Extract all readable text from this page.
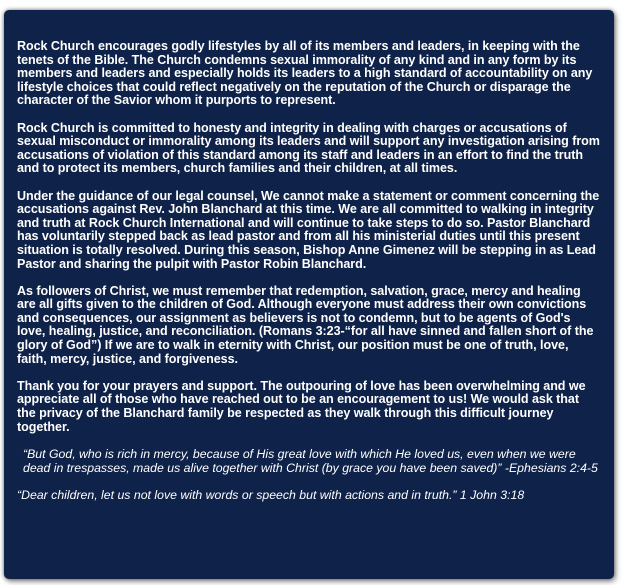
Rock Church encourages godly lifestyles by all of its members and leaders, in keeping with the tenets of the Bible. The Church condemns sexual immorality of any kind and in any form by its members and leaders and especially holds its leaders to a high standard of accountability on any lifestyle choices that could reflect negatively on the reputation of the Church or disparage the character of the Savior whom it purports to represent.

Rock Church is committed to honesty and integrity in dealing with charges or accusations of sexual misconduct or immorality among its leaders and will support any investigation arising from accusations of violation of this standard among its staff and leaders in an effort to find the truth and to protect its members, church families and their children, at all times.

Under the guidance of our legal counsel, We cannot make a statement or comment concerning the accusations against Rev. John Blanchard at this time. We are all committed to walking in integrity and truth at Rock Church International and will continue to take steps to do so. Pastor Blanchard has voluntarily stepped back as lead pastor and from all his ministerial duties until this present situation is totally resolved. During this season, Bishop Anne Gimenez will be stepping in as Lead Pastor and sharing the pulpit with Pastor Robin Blanchard.

As followers of Christ, we must remember that redemption, salvation, grace, mercy and healing are all gifts given to the children of God. Although everyone must address their own convictions and consequences, our assignment as believers is not to condemn, but to be agents of God's love, healing, justice, and reconciliation. (Romans 3:23-“for all have sinned and fallen short of the glory of God”) If we are to walk in eternity with Christ, our position must be one of truth, love, faith, mercy, justice, and forgiveness.

Thank you for your prayers and support. The outpouring of love has been overwhelming and we appreciate all of those who have reached out to be an encouragement to us! We would ask that the privacy of the Blanchard family be respected as they walk through this difficult journey together.

“But God, who is rich in mercy, because of His great love with which He loved us, even when we were dead in trespasses, made us alive together with Christ (by grace you have been saved)” -Ephesians 2:4-5

“Dear children, let us not love with words or speech but with actions and in truth.” 1 John 3:18
